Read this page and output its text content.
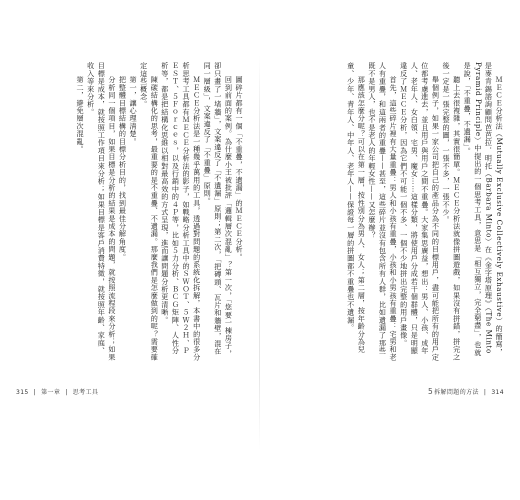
圖碎片都有一個「不重疊，不遺漏」的ＭＥＣＥ分析。

回到前面的案例。為什麼小王被批評「邏輯層次混亂」？第一次，「您要一棟房子，卻只畫了一堵牆」，文案違反了「不遺漏」原則；第二次，「把磚頭、瓦片和牆壁，混在同一層級」，文案違反了「不重疊」原則。

ＭＥＣＥ分析法是一種幾乎萬用的工具，透過對問題的系統化拆解，本書中的很多分析思考工具都有ＭＥＣＥ分析法的影子，如戰略分析工具中的ＳＷＯＴ、５Ｗ２Ｈ、ＰＥＳＴ、５Ｆｏｒｃｅｓ，以及行銷中的４Ｐ等，比如５力分析、ＢＣＧ矩陣、人性分析等，都是把結構化思維以相對最高效的方式呈現，進而讓問題分析更清晰。

陳碳結構化的思考，最重要的是不重疊、不遺漏。那麼我們是怎麼做到的呢？需要確定這些概念。

第一，讓心理清楚。

把整體目標結構的目標分析目的，找到最佳分解角度。

分析同一個項目，如果目標是分析的結果是成本的問題，就按照流程段來分析；如果目標是成本，就按照工作項目來分析；如果目標是客戶消費特徵，就按照年齡、家庭、收入等來分析。

第二，避免層次混亂。

315 | 第一章 | 思考工具

ＭＥＣＥ分析法（Mutually Exclusive Collectively Exhaustive）的簡寫，是麥肯錫諮詢顧問芭芭拉．明托（Barbara Minto）在《金字塔原理》（The Minto Pyramid Principle）中提出的一個思考工具，意思是「相互獨立，完全窮盡」，也就是說，「不重疊，不遺漏」。

聽上去很複雜，其實很簡單。ＭＥＣＥ分析法就像拼圖遊戲，如果沒有拼錯，拼完之後一定是一張完整的圖，一張不多，一張不少。

舉個例子，如果一家公司把自己的產品分為不同的目標用戶，盡可能把所有的用戶定位都考慮進去，並且用戶與用戶之間不重疊。大家集思廣益，想出：男人、小孩、成年人、老年人、女白領、宅男、魔女……這樣分類，將使用戶分成若干個群體，只是明顯違反了ＭＥＣＥ分析，因為它們不可能一個不多、一個不少地拼出完整的用戶畫像。

首先，這些碎片裡有大量重疊：男人和小孩有重疊，小孩和小男孩有重疊：宅男和老人有重疊，和這兩者的重疊——甚至，這些碎片並沒有包含所有人群，比如遺漏了那些既不是男人，也不是老人的年輕女性——又怎麼辦？

那應該怎麼分呢？可以在第一層，按性別分為男人、女人；第二層，按年齡分為兒童、少年、青年人、中年人、老年人——保證每一層的拼圖都不重疊也不遺漏。

5拆解問題的方法 | 314
